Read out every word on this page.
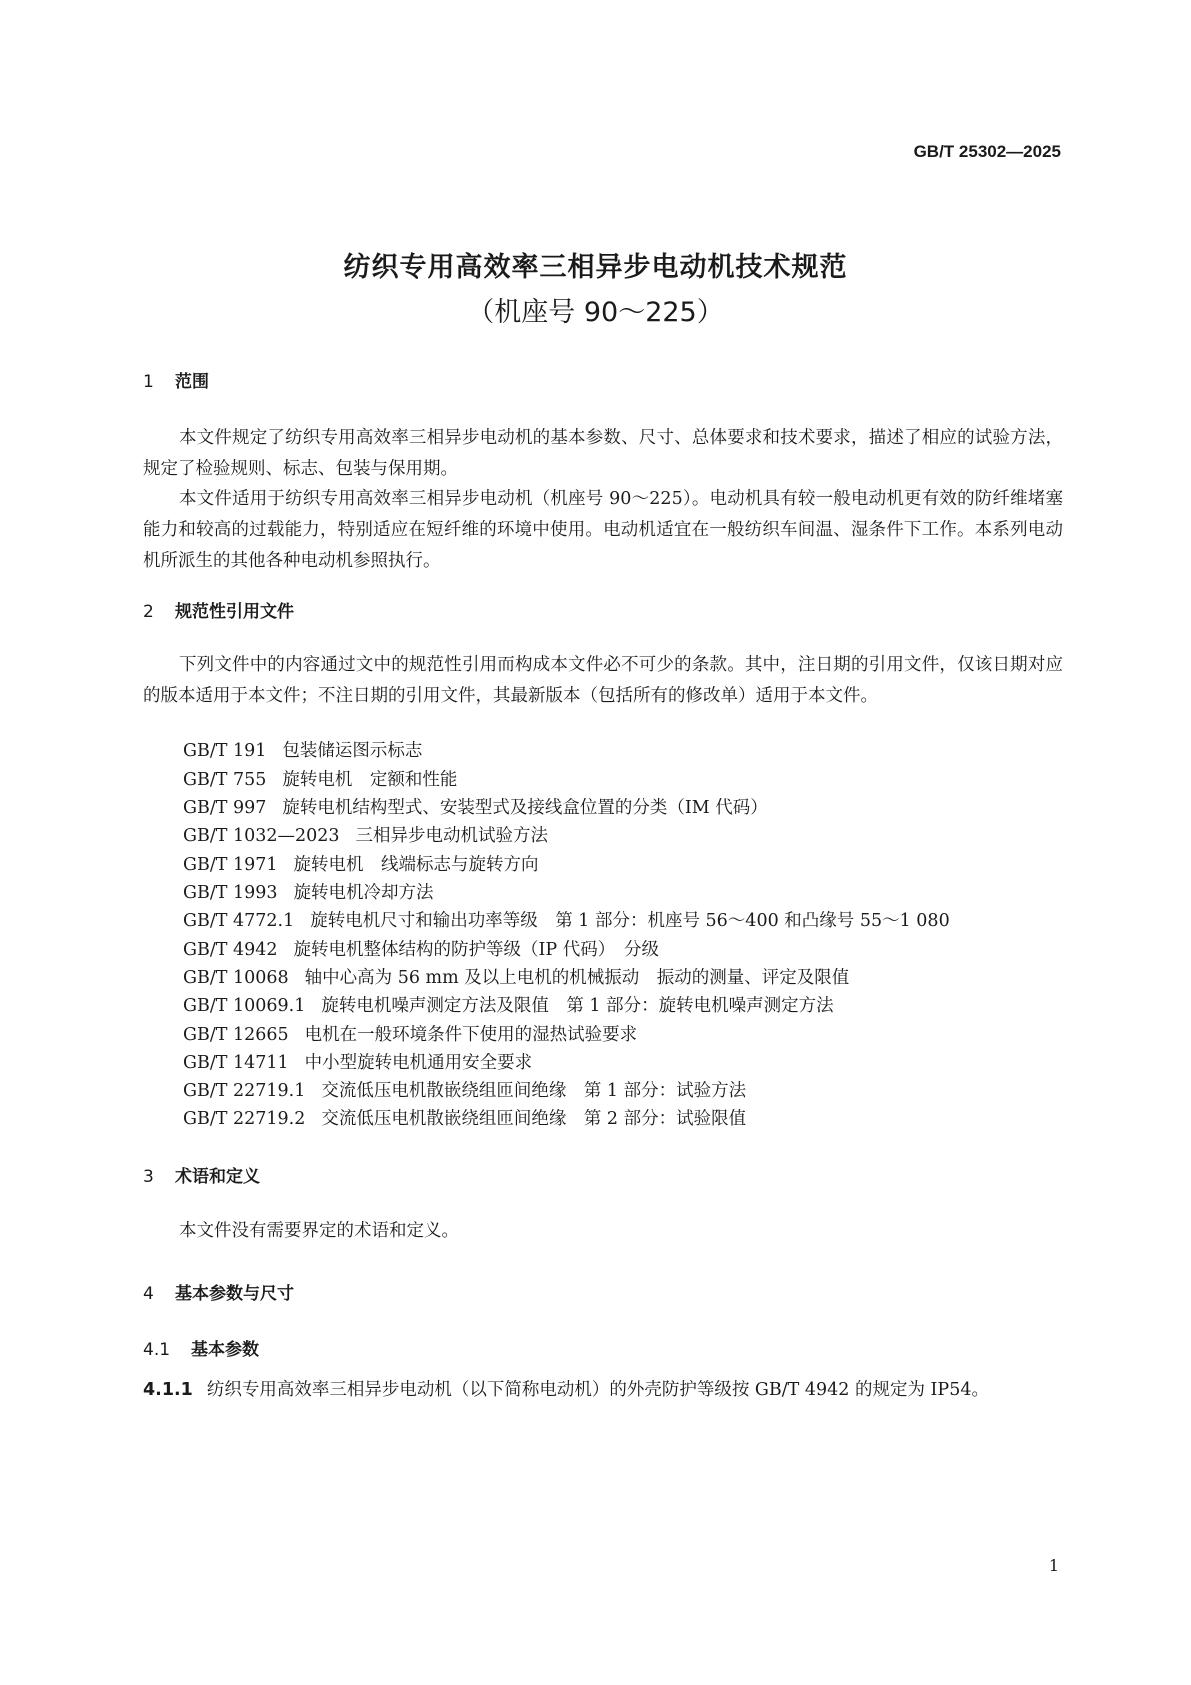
GB/T 25302—2025
纺织专用高效率三相异步电动机技术规范
（机座号 90～225）
1 范围
本文件规定了纺织专用高效率三相异步电动机的基本参数、尺寸、总体要求和技术要求，描述了相应的试验方法，规定了检验规则、标志、包装与保用期。
本文件适用于纺织专用高效率三相异步电动机（机座号 90～225）。电动机具有较一般电动机更有效的防纤维堵塞能力和较高的过载能力，特别适应在短纤维的环境中使用。电动机适宜在一般纺织车间温、湿条件下工作。本系列电动机所派生的其他各种电动机参照执行。
2 规范性引用文件
下列文件中的内容通过文中的规范性引用而构成本文件必不可少的条款。其中，注日期的引用文件，仅该日期对应的版本适用于本文件；不注日期的引用文件，其最新版本（包括所有的修改单）适用于本文件。
GB/T 191 包装储运图示标志
GB/T 755 旋转电机　定额和性能
GB/T 997 旋转电机结构型式、安装型式及接线盒位置的分类（IM 代码）
GB/T 1032—2023 三相异步电动机试验方法
GB/T 1971 旋转电机　线端标志与旋转方向
GB/T 1993 旋转电机冷却方法
GB/T 4772.1 旋转电机尺寸和输出功率等级　第 1 部分：机座号 56～400 和凸缘号 55～1 080
GB/T 4942 旋转电机整体结构的防护等级（IP 代码）　分级
GB/T 10068 轴中心高为 56 mm 及以上电机的机械振动　振动的测量、评定及限值
GB/T 10069.1 旋转电机噪声测定方法及限值　第 1 部分：旋转电机噪声测定方法
GB/T 12665 电机在一般环境条件下使用的湿热试验要求
GB/T 14711 中小型旋转电机通用安全要求
GB/T 22719.1 交流低压电机散嵌绕组匝间绝缘　第 1 部分：试验方法
GB/T 22719.2 交流低压电机散嵌绕组匝间绝缘　第 2 部分：试验限值
3 术语和定义
本文件没有需要界定的术语和定义。
4 基本参数与尺寸
4.1 基本参数
4.1.1 纺织专用高效率三相异步电动机（以下简称电动机）的外壳防护等级按 GB/T 4942 的规定为 IP54。
1
